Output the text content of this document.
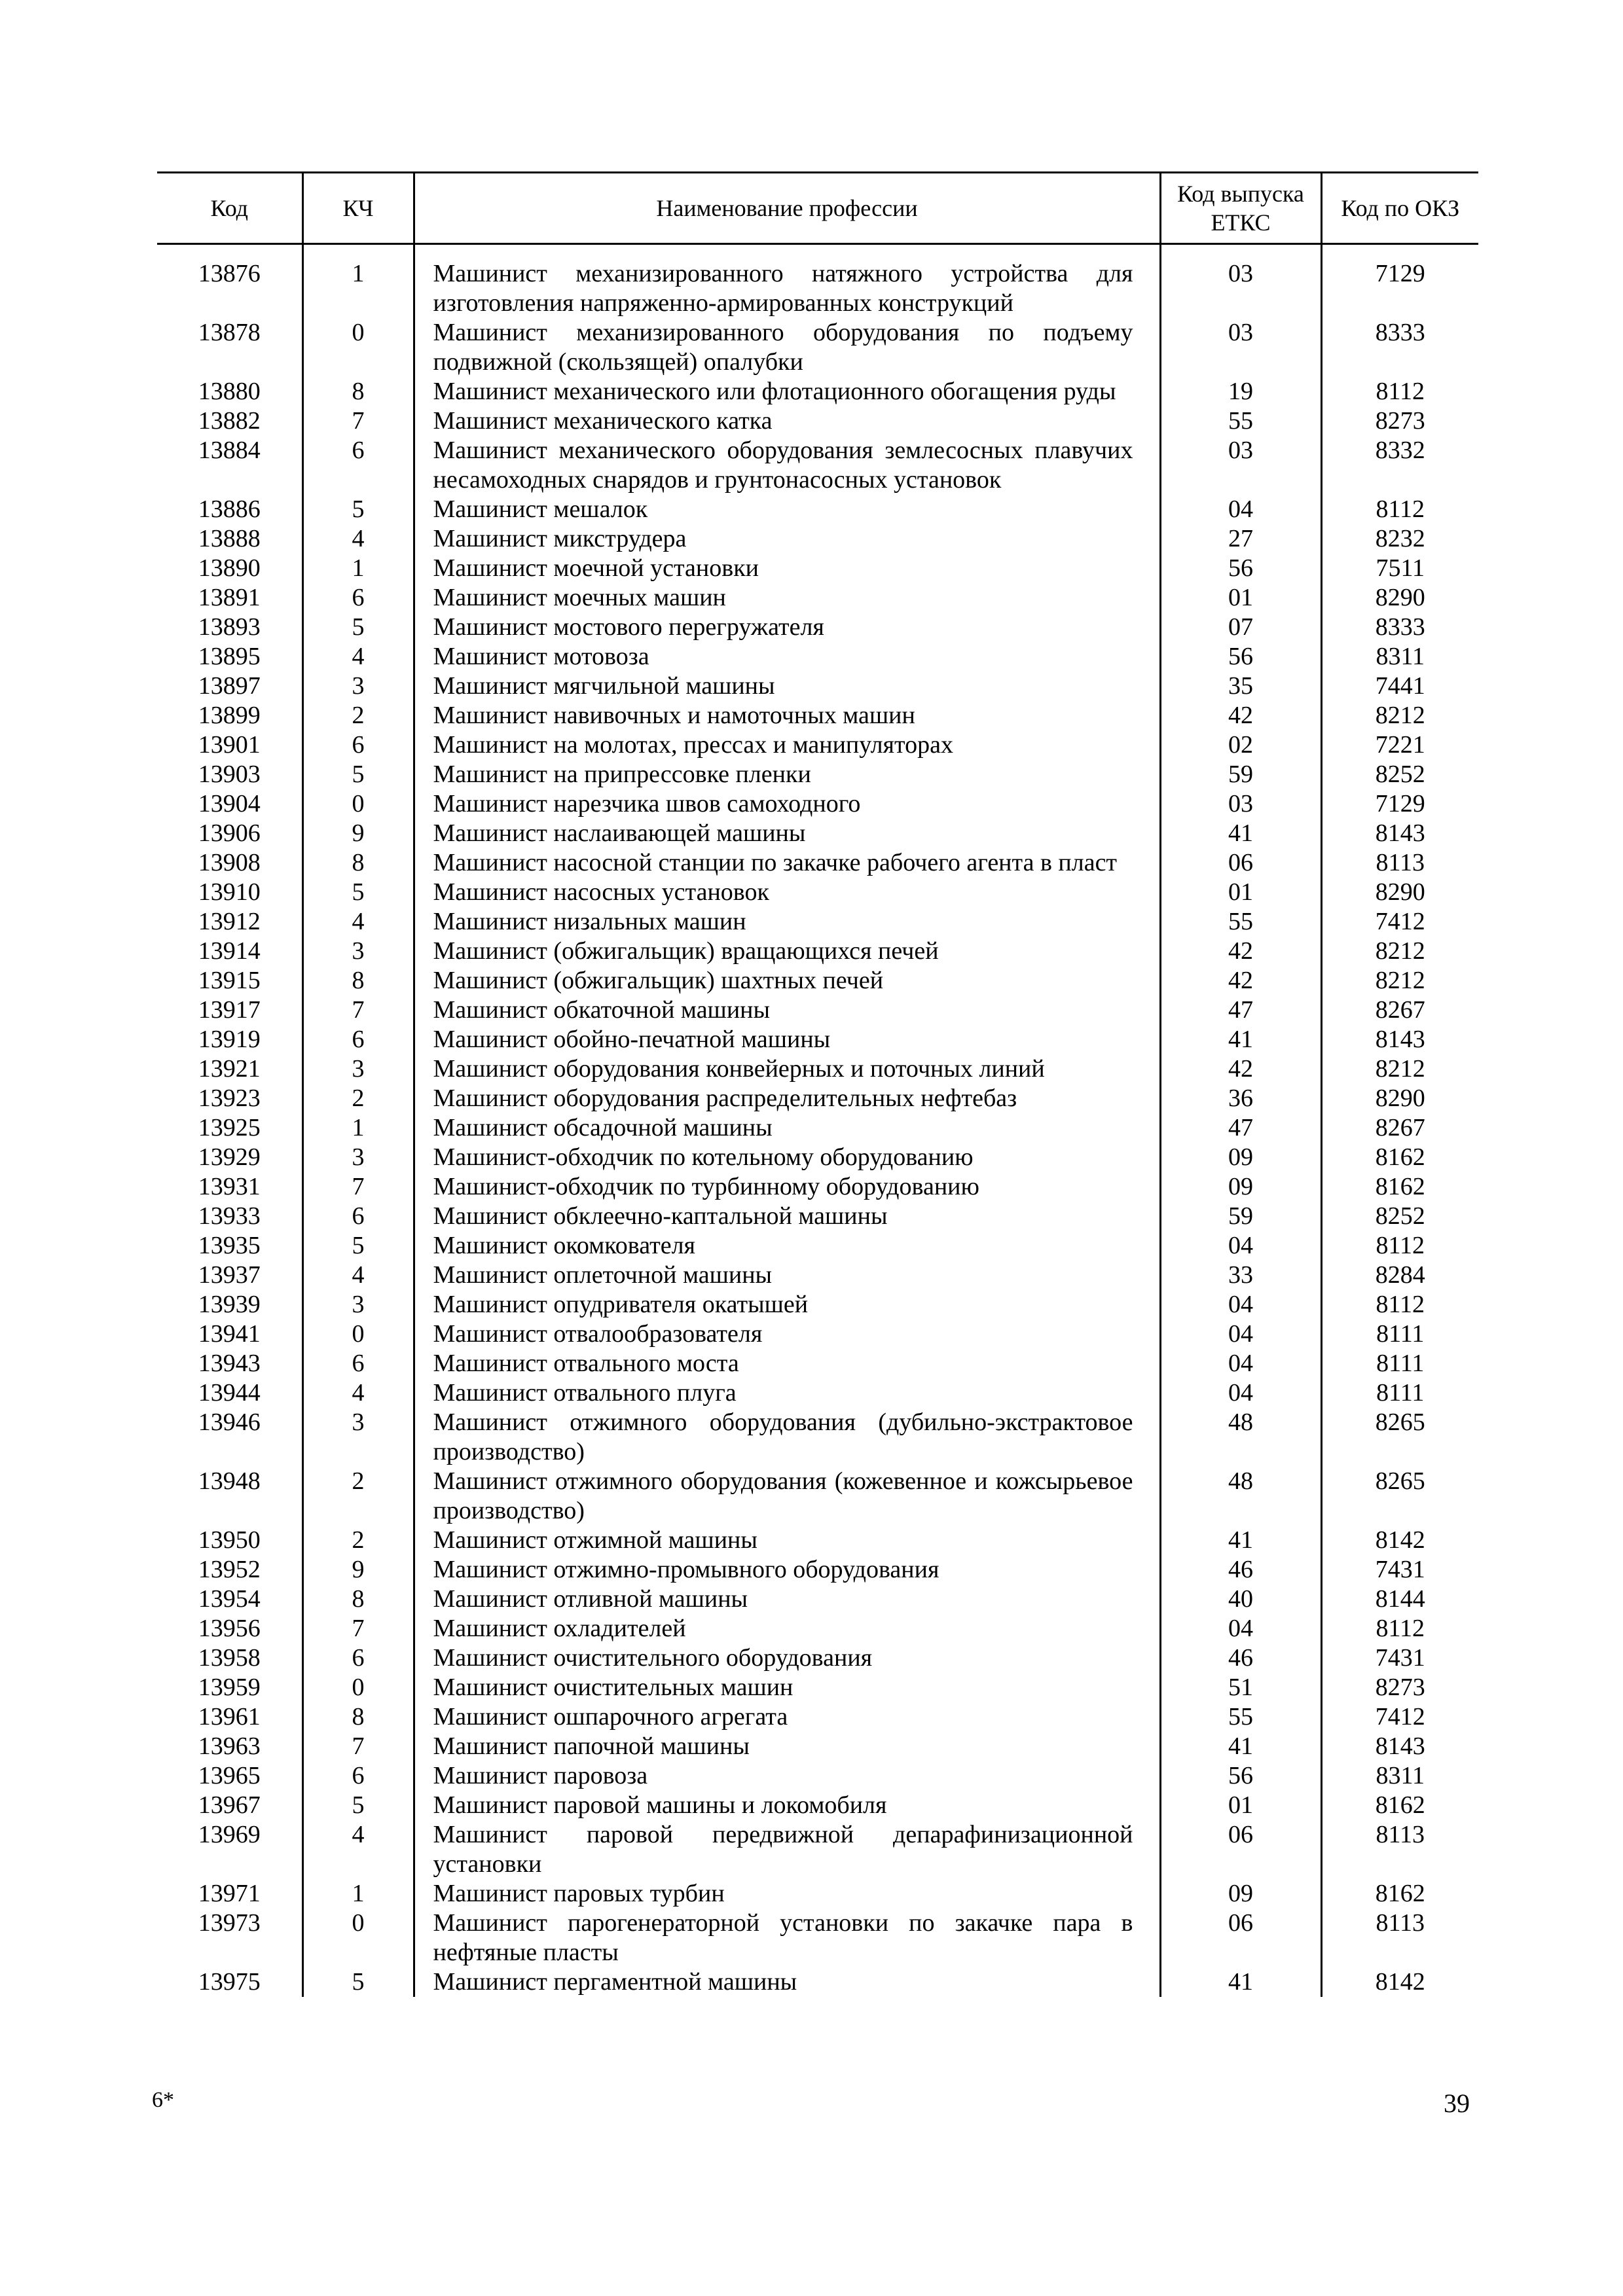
Код	КЧ	Наименование профессии	Код выпуска ЕТКС	Код по ОКЗ

13876	1	Машинист механизированного натяжного устройства для изготовления напряженно-армированных конструкций	03	7129
13878	0	Машинист механизированного оборудования по подъему подвижной (скользящей) опалубки	03	8333
13880	8	Машинист механического или флотационного обогащения руды	19	8112
13882	7	Машинист механического катка	55	8273
13884	6	Машинист механического оборудования землесосных плавучих несамоходных снарядов и грунтонасосных установок	03	8332
13886	5	Машинист мешалок	04	8112
13888	4	Машинист микструдера	27	8232
13890	1	Машинист моечной установки	56	7511
13891	6	Машинист моечных машин	01	8290
13893	5	Машинист мостового перегружателя	07	8333
13895	4	Машинист мотовоза	56	8311
13897	3	Машинист мягчильной машины	35	7441
13899	2	Машинист навивочных и намоточных машин	42	8212
13901	6	Машинист на молотах, прессах и манипуляторах	02	7221
13903	5	Машинист на припрессовке пленки	59	8252
13904	0	Машинист нарезчика швов самоходного	03	7129
13906	9	Машинист наслаивающей машины	41	8143
13908	8	Машинист насосной станции по закачке рабочего агента в пласт	06	8113
13910	5	Машинист насосных установок	01	8290
13912	4	Машинист низальных машин	55	7412
13914	3	Машинист (обжигальщик) вращающихся печей	42	8212
13915	8	Машинист (обжигальщик) шахтных печей	42	8212
13917	7	Машинист обкаточной машины	47	8267
13919	6	Машинист обойно-печатной машины	41	8143
13921	3	Машинист оборудования конвейерных и поточных линий	42	8212
13923	2	Машинист оборудования распределительных нефтебаз	36	8290
13925	1	Машинист обсадочной машины	47	8267
13929	3	Машинист-обходчик по котельному оборудованию	09	8162
13931	7	Машинист-обходчик по турбинному оборудованию	09	8162
13933	6	Машинист обклеечно-каптальной машины	59	8252
13935	5	Машинист окомкователя	04	8112
13937	4	Машинист оплеточной машины	33	8284
13939	3	Машинист опудривателя окатышей	04	8112
13941	0	Машинист отвалообразователя	04	8111
13943	6	Машинист отвального моста	04	8111
13944	4	Машинист отвального плуга	04	8111
13946	3	Машинист отжимного оборудования (дубильно-экстрактовое производство)	48	8265
13948	2	Машинист отжимного оборудования (кожевенное и кожсырьевое производство)	48	8265
13950	2	Машинист отжимной машины	41	8142
13952	9	Машинист отжимно-промывного оборудования	46	7431
13954	8	Машинист отливной машины	40	8144
13956	7	Машинист охладителей	04	8112
13958	6	Машинист очистительного оборудования	46	7431
13959	0	Машинист очистительных машин	51	8273
13961	8	Машинист ошпарочного агрегата	55	7412
13963	7	Машинист папочной машины	41	8143
13965	6	Машинист паровоза	56	8311
13967	5	Машинист паровой машины и локомобиля	01	8162
13969	4	Машинист паровой передвижной депарафинизационной установки	06	8113
13971	1	Машинист паровых турбин	09	8162
13973	0	Машинист парогенераторной установки по закачке пара в нефтяные пласты	06	8113
13975	5	Машинист пергаментной машины	41	8142
6*	39
